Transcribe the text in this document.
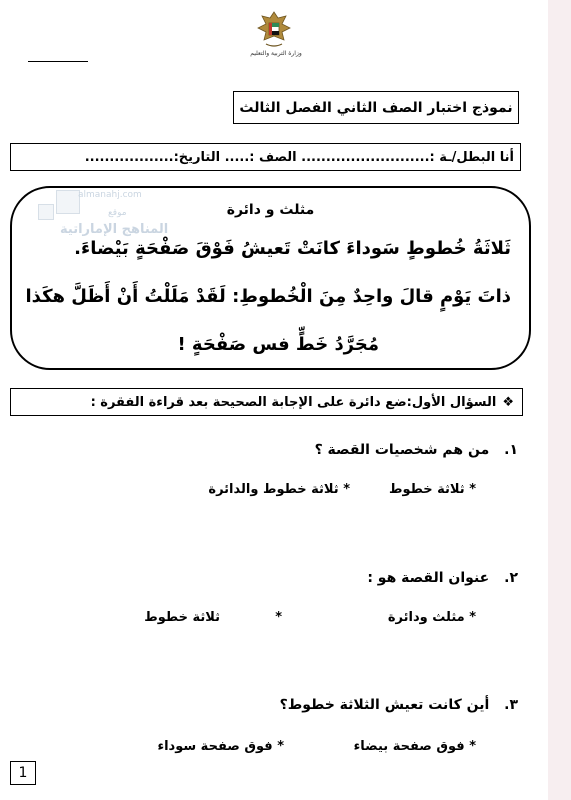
وزارة التربية والتعليم
نموذج اختبار الصف الثاني الفصل الثالث
أنا البطل/ـة :.......................... الصف :..... التاريخ:..................
مثلث و دائرة
ثَلاثَةُ خُطوطٍ سَوداءَ كانَتْ تَعيشُ فَوْقَ صَفْحَةٍ بَيْضاءَ.
ذاتَ يَوْمٍ قالَ واحِدٌ مِنَ الْخُطوطِ: لَقَدْ مَلَلْتُ أَنْ أَظَلَّ هكَذا
مُجَرَّدُ خَطٍّ فس صَفْحَةٍ !
almanahj.com
موقع
المناهج الإماراتية
❖
السؤال الأول:ضع دائرة على الإجابة الصحيحة بعد قراءة الفقرة :
١. من هم شخصيات القصة ؟
* ثلاثة خطوط
* ثلاثة خطوط والدائرة
٢. عنوان القصة هو :
* مثلث ودائرة
*
ثلاثة خطوط
٣. أين كانت تعيش الثلاثة خطوط؟
* فوق صفحة بيضاء
* فوق صفحة سوداء
1
